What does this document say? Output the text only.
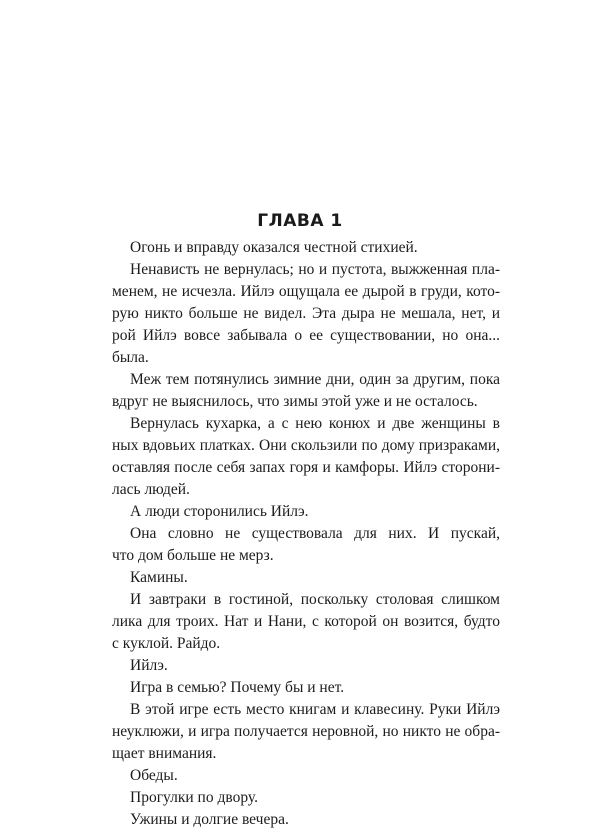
ГЛАВА 1
Огонь и вправду оказался честной стихией.
Ненависть не вернулась; но и пустота, выжженная пла-
менем, не исчезла. Ийлэ ощущала ее дырой в груди, кото-
рую никто больше не видел. Эта дыра не мешала, нет, и
рой Ийлэ вовсе забывала о ее существовании, но она...
была.
Меж тем потянулись зимние дни, один за другим, пока
вдруг не выяснилось, что зимы этой уже и не осталось.
Вернулась кухарка, а с нею конюх и две женщины в
ных вдовьих платках. Они скользили по дому призраками,
оставляя после себя запах горя и камфоры. Ийлэ сторони-
лась людей.
А люди сторонились Ийлэ.
Она словно не существовала для них. И пускай,
что дом больше не мерз.
Камины.
И завтраки в гостиной, поскольку столовая слишком
лика для троих. Нат и Нани, с которой он возится, будто
с куклой. Райдо.
Ийлэ.
Игра в семью? Почему бы и нет.
В этой игре есть место книгам и клавесину. Руки Ийлэ
неуклюжи, и игра получается неровной, но никто не обра-
щает внимания.
Обеды.
Прогулки по двору.
Ужины и долгие вечера.
